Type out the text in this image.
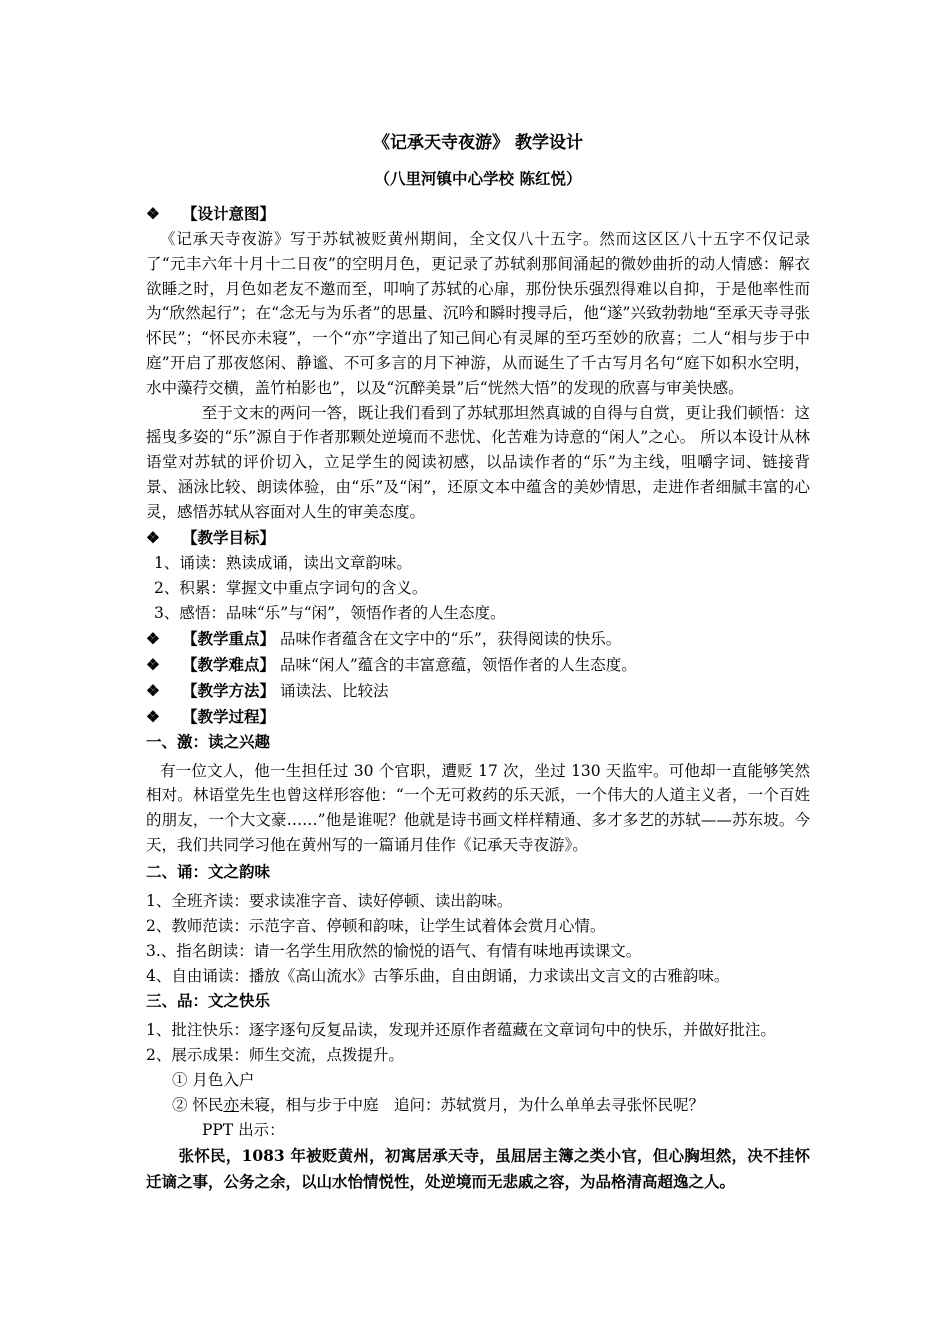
《记承天寺夜游》 教学设计

（八里河镇中心学校 陈红悦）

❖ 【设计意图】

《记承天寺夜游》写于苏轼被贬黄州期间，全文仅八十五字。然而这区区八十五字不仅记录了“元丰六年十月十二日夜”的空明月色，更记录了苏轼刹那间涌起的微妙曲折的动人情感：解衣欲睡之时，月色如老友不邀而至，叩响了苏轼的心扉，那份快乐强烈得难以自抑，于是他率性而为“欣然起行”；在“念无与为乐者”的思量、沉吟和瞬时搜寻后，他“遂”兴致勃勃地“至承天寺寻张怀民”；“怀民亦未寝”，一个“亦”字道出了知己间心有灵犀的至巧至妙的欣喜；二人“相与步于中庭”开启了那夜悠闲、静谧、不可多言的月下神游，从而诞生了千古写月名句“庭下如积水空明，水中藻荇交横，盖竹柏影也”，以及“沉醉美景”后“恍然大悟”的发现的欣喜与审美快感。

至于文末的两问一答，既让我们看到了苏轼那坦然真诚的自得与自赏，更让我们顿悟：这摇曳多姿的“乐”源自于作者那颗处逆境而不悲忧、化苦难为诗意的“闲人”之心。 所以本设计从林语堂对苏轼的评价切入，立足学生的阅读初感，以品读作者的“乐”为主线，咀嚼字词、链接背景、涵泳比较、朗读体验，由“乐”及“闲”，还原文本中蕴含的美妙情思，走进作者细腻丰富的心灵，感悟苏轼从容面对人生的审美态度。

❖ 【教学目标】

1、诵读：熟读成诵，读出文章韵味。

2、积累：掌握文中重点字词句的含义。

3、感悟：品味“乐”与“闲”，领悟作者的人生态度。

❖ 【教学重点】 品味作者蕴含在文字中的“乐”，获得阅读的快乐。

❖ 【教学难点】 品味“闲人”蕴含的丰富意蕴，领悟作者的人生态度。

❖ 【教学方法】 诵读法、比较法

❖ 【教学过程】

一、激：读之兴趣

有一位文人，他一生担任过 30 个官职，遭贬 17 次，坐过 130 天监牢。可他却一直能够笑然相对。林语堂先生也曾这样形容他：“一个无可救药的乐天派，一个伟大的人道主义者，一个百姓的朋友，一个大文豪……”他是谁呢？他就是诗书画文样样精通、多才多艺的苏轼——苏东坡。今天，我们共同学习他在黄州写的一篇诵月佳作《记承天寺夜游》。

二、诵：文之韵味

1、全班齐读：要求读准字音、读好停顿、读出韵味。

2、教师范读：示范字音、停顿和韵味，让学生试着体会赏月心情。

3.、指名朗读：请一名学生用欣然的愉悦的语气、有情有味地再读课文。

4、自由诵读：播放《高山流水》古筝乐曲，自由朗诵，力求读出文言文的古雅韵味。

三、品：文之快乐

1、批注快乐：逐字逐句反复品读，发现并还原作者蕴藏在文章词句中的快乐，并做好批注。

2、展示成果：师生交流，点拨提升。

① 月色入户

② 怀民亦未寝，相与步于中庭　追问：苏轼赏月，为什么单单去寻张怀民呢？

PPT 出示：

张怀民，1083 年被贬黄州，初寓居承天寺，虽屈居主簿之类小官，但心胸坦然，决不挂怀迁谪之事，公务之余，以山水怡情悦性，处逆境而无悲戚之容，为品格清高超逸之人。
